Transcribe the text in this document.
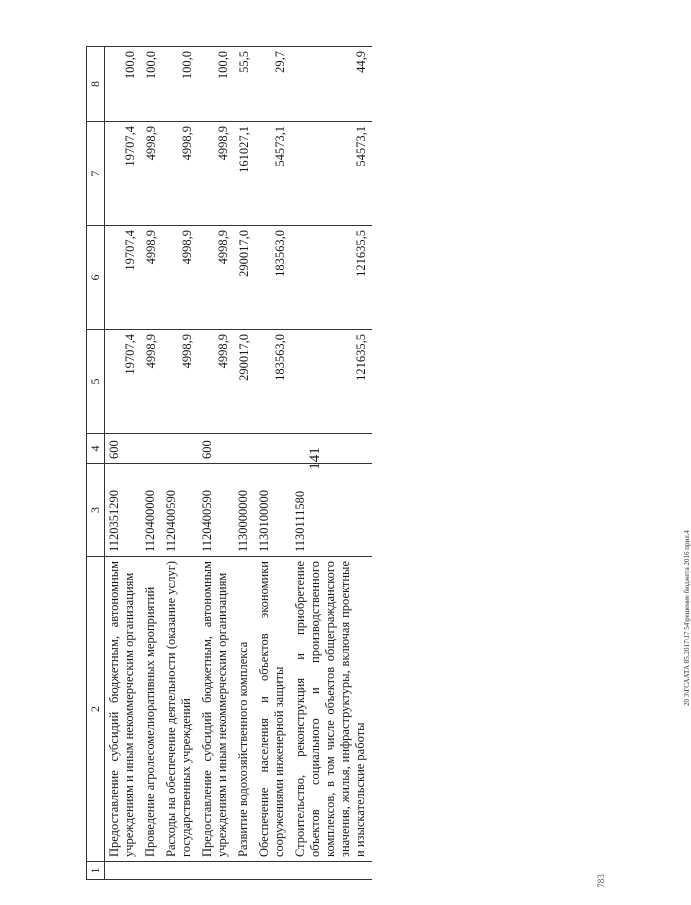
141
20 3\ГСААТА 85.2017\17 54\решение бюджета 2016 прил.4
783
1	2	3	4	5	6	7	8
	Предоставление субсидий бюджетным, автономным учреждениям и иным некоммерческим организациям	1120351290	600	19707,4	19707,4	19707,4	100,0
	Проведение агролесомелиоративных мероприятий	1120400000		4998,9	4998,9	4998,9	100,0
	Расходы на обеспечение деятельности (оказание услуг) государственных учреждений	1120400590		4998,9	4998,9	4998,9	100,0
	Предоставление субсидий бюджетным, автономным учреждениям и иным некоммерческим организациям	1120400590	600	4998,9	4998,9	4998,9	100,0
	Развитие водохозяйственного комплекса	1130000000		290017,0	290017,0	161027,1	55,5
	Обеспечение населения и объектов экономики сооружениями инженерной защиты	1130100000		183563,0	183563,0	54573,1	29,7
	Строительство, реконструкция и приобретение объектов социального и производственного комплексов, в том числе объектов общегражданского значения, жилья, инфраструктуры, включая проектные и изыскательские работы	1130111580		121635,5	121635,5	54573,1	44,9
